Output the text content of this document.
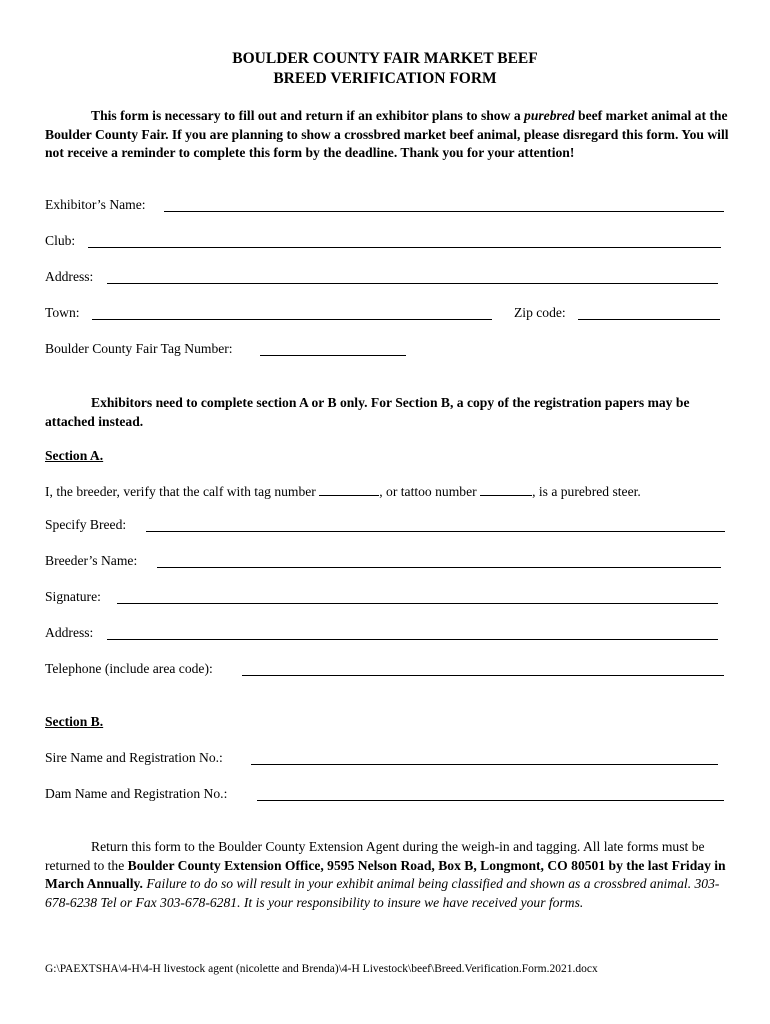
BOULDER COUNTY FAIR MARKET BEEF
BREED VERIFICATION FORM
This form is necessary to fill out and return if an exhibitor plans to show a purebred beef market animal at the Boulder County Fair. If you are planning to show a crossbred market beef animal, please disregard this form. You will not receive a reminder to complete this form by the deadline. Thank you for your attention!
Exhibitor’s Name:
Club:
Address:
Town:	Zip code:
Boulder County Fair Tag Number:
Exhibitors need to complete section A or B only. For Section B, a copy of the registration papers may be attached instead.
Section A.
I, the breeder, verify that the calf with tag number	, or tattoo number	, is a purebred steer.
Specify Breed:
Breeder’s Name:
Signature:
Address:
Telephone (include area code):
Section B.
Sire Name and Registration No.:
Dam Name and Registration No.:
Return this form to the Boulder County Extension Agent during the weigh-in and tagging. All late forms must be returned to the Boulder County Extension Office, 9595 Nelson Road, Box B, Longmont, CO 80501 by the last Friday in March Annually. Failure to do so will result in your exhibit animal being classified and shown as a crossbred animal. 303-678-6238 Tel or Fax 303-678-6281. It is your responsibility to insure we have received your forms.
G:\PAEXTSHA\4-H\4-H livestock agent (nicolette and Brenda)\4-H Livestock\beef\Breed.Verification.Form.2021.docx
